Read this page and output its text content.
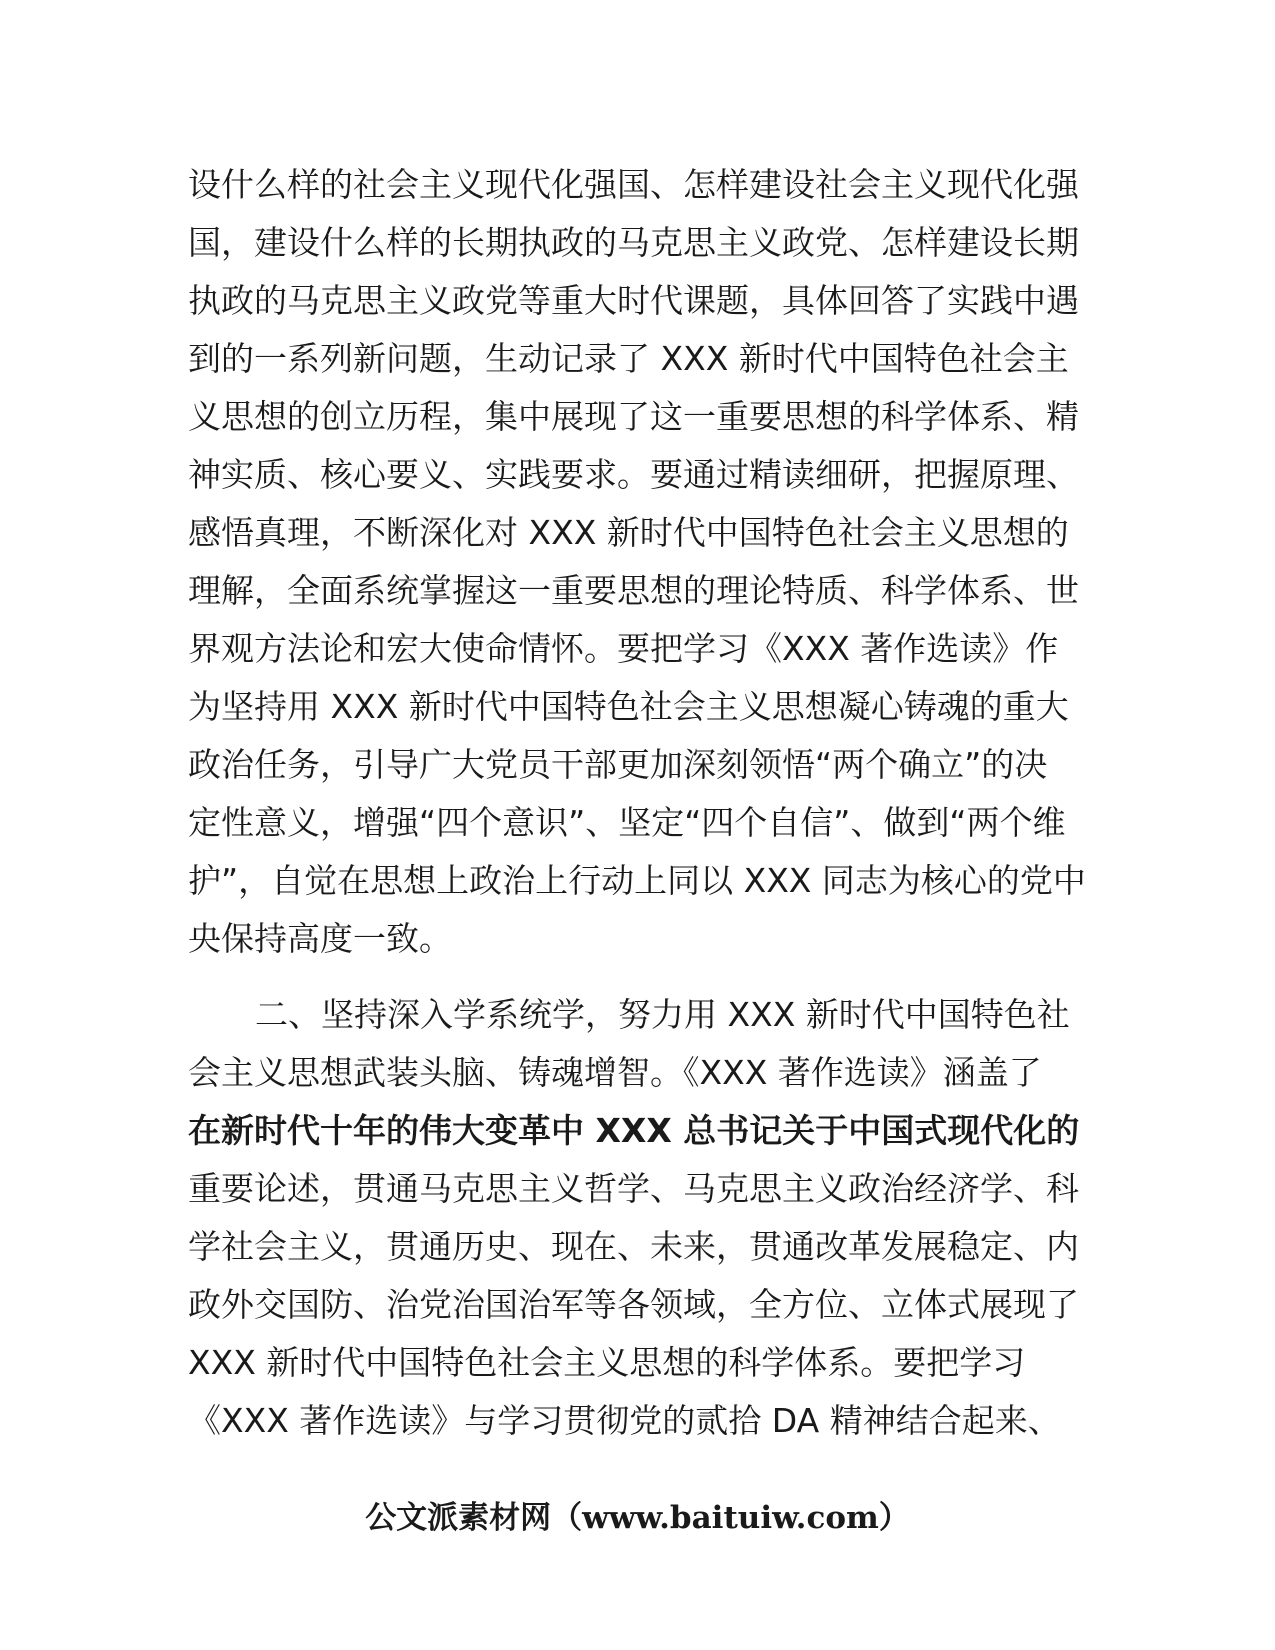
设什么样的社会主义现代化强国、怎样建设社会主义现代化强
国，建设什么样的长期执政的马克思主义政党、怎样建设长期
执政的马克思主义政党等重大时代课题，具体回答了实践中遇
到的一系列新问题，生动记录了 XXX 新时代中国特色社会主
义思想的创立历程，集中展现了这一重要思想的科学体系、精
神实质、核心要义、实践要求。要通过精读细研，把握原理、
感悟真理，不断深化对 XXX 新时代中国特色社会主义思想的
理解，全面系统掌握这一重要思想的理论特质、科学体系、世
界观方法论和宏大使命情怀。要把学习《XXX 著作选读》作
为坚持用 XXX 新时代中国特色社会主义思想凝心铸魂的重大
政治任务，引导广大党员干部更加深刻领悟“两个确立”的决
定性意义，增强“四个意识”、坚定“四个自信”、做到“两个维
护”，自觉在思想上政治上行动上同以 XXX 同志为核心的党中
央保持高度一致。
二、坚持深入学系统学，努力用 XXX 新时代中国特色社
会主义思想武装头脑、铸魂增智。《XXX 著作选读》涵盖了
在新时代十年的伟大变革中 XXX 总书记关于中国式现代化的
重要论述，贯通马克思主义哲学、马克思主义政治经济学、科
学社会主义，贯通历史、现在、未来，贯通改革发展稳定、内
政外交国防、治党治国治军等各领域，全方位、立体式展现了
XXX 新时代中国特色社会主义思想的科学体系。要把学习
《XXX 著作选读》与学习贯彻党的贰拾 DA 精神结合起来、
公文派素材网（www.baituiw.com）
